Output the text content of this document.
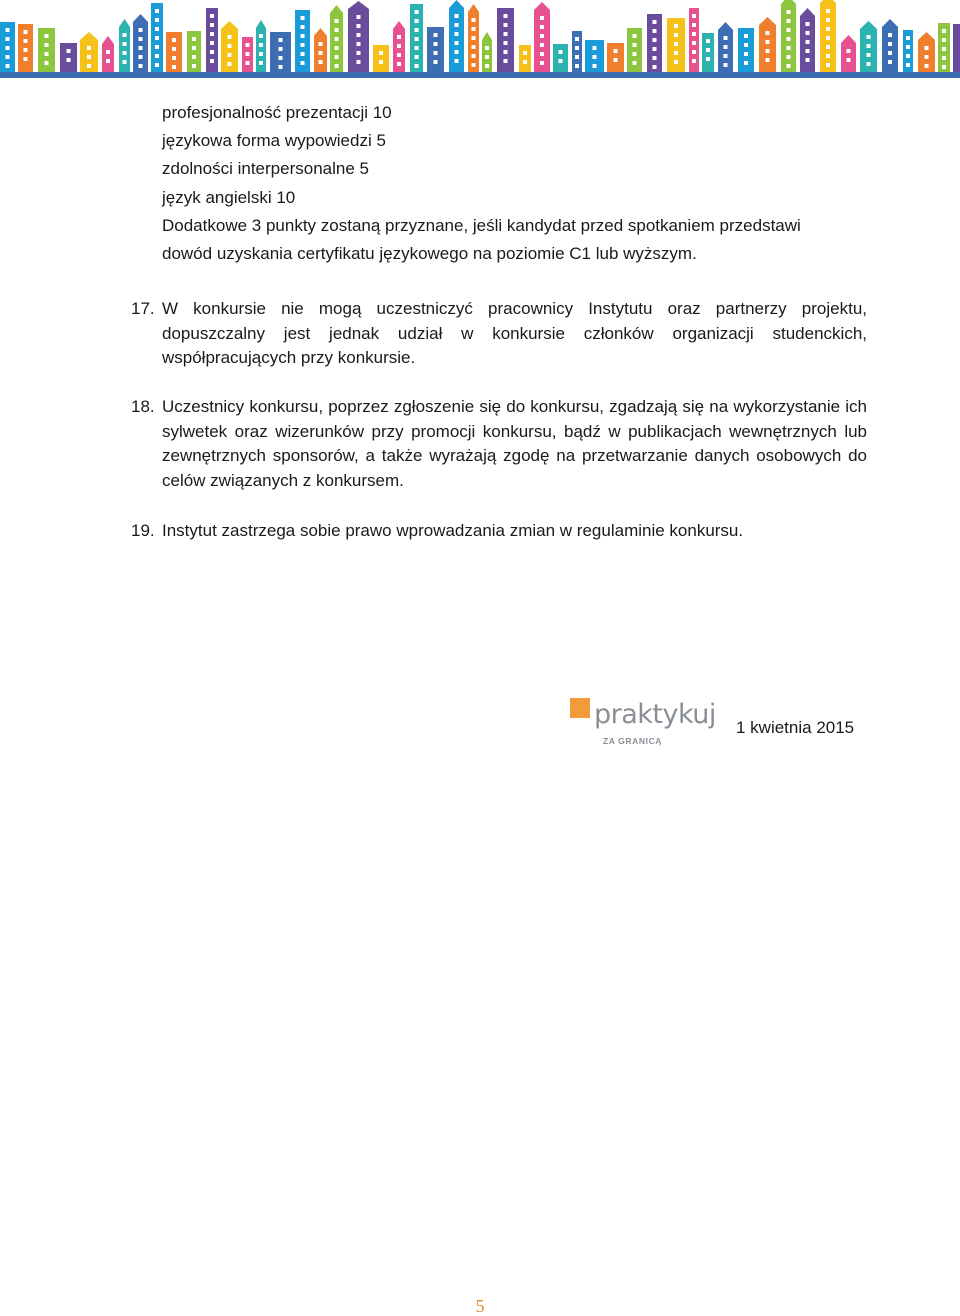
profesjonalność prezentacji 10
językowa forma wypowiedzi 5
zdolności interpersonalne 5
język angielski 10
Dodatkowe 3 punkty zostaną przyznane, jeśli kandydat przed spotkaniem przedstawi
dowód uzyskania certyfikatu językowego na poziomie C1 lub wyższym.
17. W konkursie nie mogą uczestniczyć pracownicy Instytutu oraz partnerzy projektu, dopuszczalny jest jednak udział w konkursie członków organizacji studenckich, współpracujących przy konkursie.
18. Uczestnicy konkursu, poprzez zgłoszenie się do konkursu, zgadzają się na wykorzystanie ich sylwetek oraz wizerunków przy promocji konkursu, bądź w publikacjach wewnętrznych lub zewnętrznych sponsorów, a także wyrażają zgodę na przetwarzanie danych osobowych do celów związanych z konkursem.
19. Instytut zastrzega sobie prawo wprowadzania zmian w regulaminie konkursu.
praktykuj
ZA GRANICĄ
1 kwietnia 2015
5
